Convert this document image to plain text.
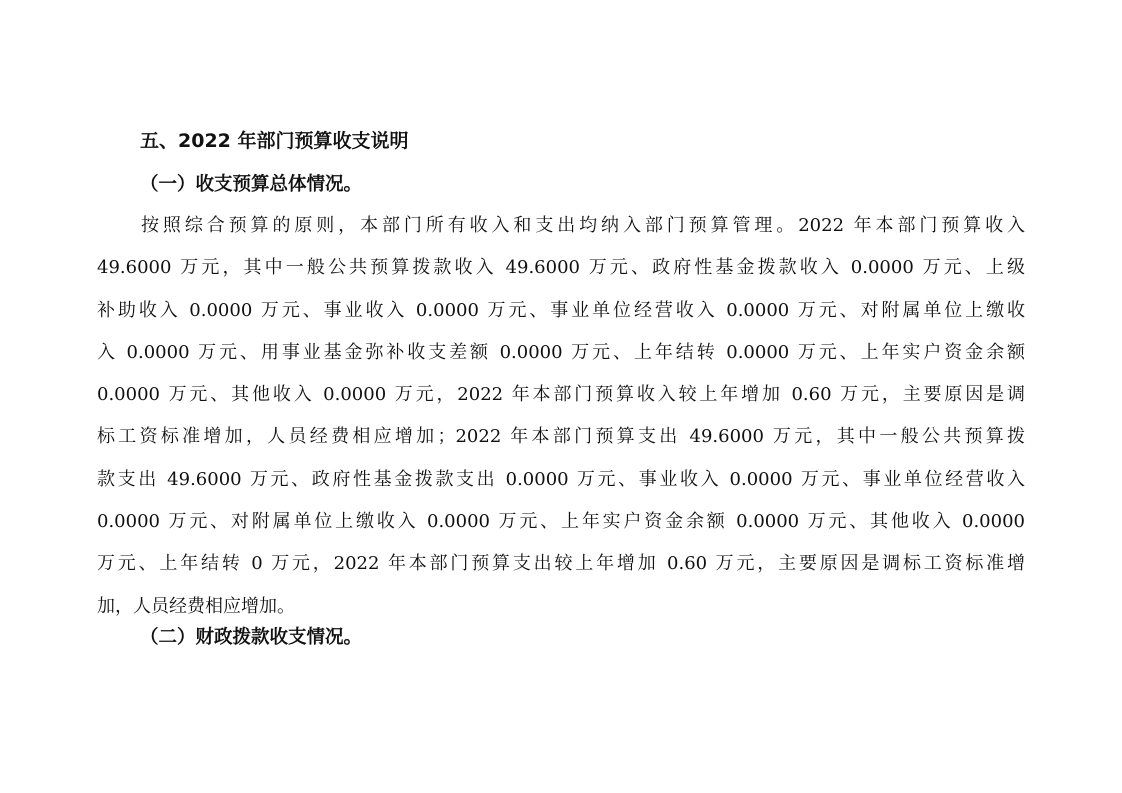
五、2022 年部门预算收支说明
（一）收支预算总体情况。
按照综合预算的原则，本部门所有收入和支出均纳入部门预算管理。2022 年本部门预算收入
49.6000 万元，其中一般公共预算拨款收入 49.6000 万元、政府性基金拨款收入 0.0000 万元、上级
补助收入 0.0000 万元、事业收入 0.0000 万元、事业单位经营收入 0.0000 万元、对附属单位上缴收
入 0.0000 万元、用事业基金弥补收支差额 0.0000 万元、上年结转 0.0000 万元、上年实户资金余额
0.0000 万元、其他收入 0.0000 万元，2022 年本部门预算收入较上年增加 0.60 万元，主要原因是调
标工资标准增加，人员经费相应增加；2022 年本部门预算支出 49.6000 万元，其中一般公共预算拨
款支出 49.6000 万元、政府性基金拨款支出 0.0000 万元、事业收入 0.0000 万元、事业单位经营收入
0.0000 万元、对附属单位上缴收入 0.0000 万元、上年实户资金余额 0.0000 万元、其他收入 0.0000
万元、上年结转 0 万元，2022 年本部门预算支出较上年增加 0.60 万元，主要原因是调标工资标准增
加，人员经费相应增加。
（二）财政拨款收支情况。
